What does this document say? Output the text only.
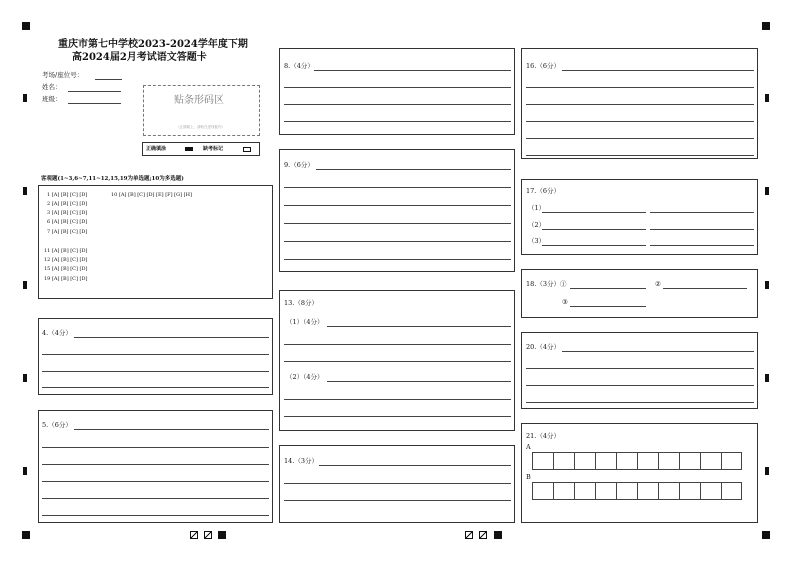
重庆市第七中学校2023-2024学年度下期
高2024届2月考试语文答题卡
考场/座位号：
姓名：
班级：	贴条形码区
（正面朝上，请贴在虚线框内）
正确填涂	缺考标记
客观题(1~3,6~7,11~12,15,19为单选题;10为多选题)
1 [A] [B] [C] [D]
2 [A] [B] [C] [D]
3 [A] [B] [C] [D]
6 [A] [B] [C] [D]
7 [A] [B] [C] [D]
10 [A] [B] [C] [D] [E] [F] [G] [H]
11 [A] [B] [C] [D]
12 [A] [B] [C] [D]
15 [A] [B] [C] [D]
19 [A] [B] [C] [D]
4.（4分）
5.（6分）
8.（4分）
9.（6分）
13.（8分）
（1）（4分）
（2）（4分）
14.（3分）
16.（6分）
17.（6分）
（1）
（2）
（3）
18.（3分）①	②
③
20.（4分）
21.（4分）
A
B
